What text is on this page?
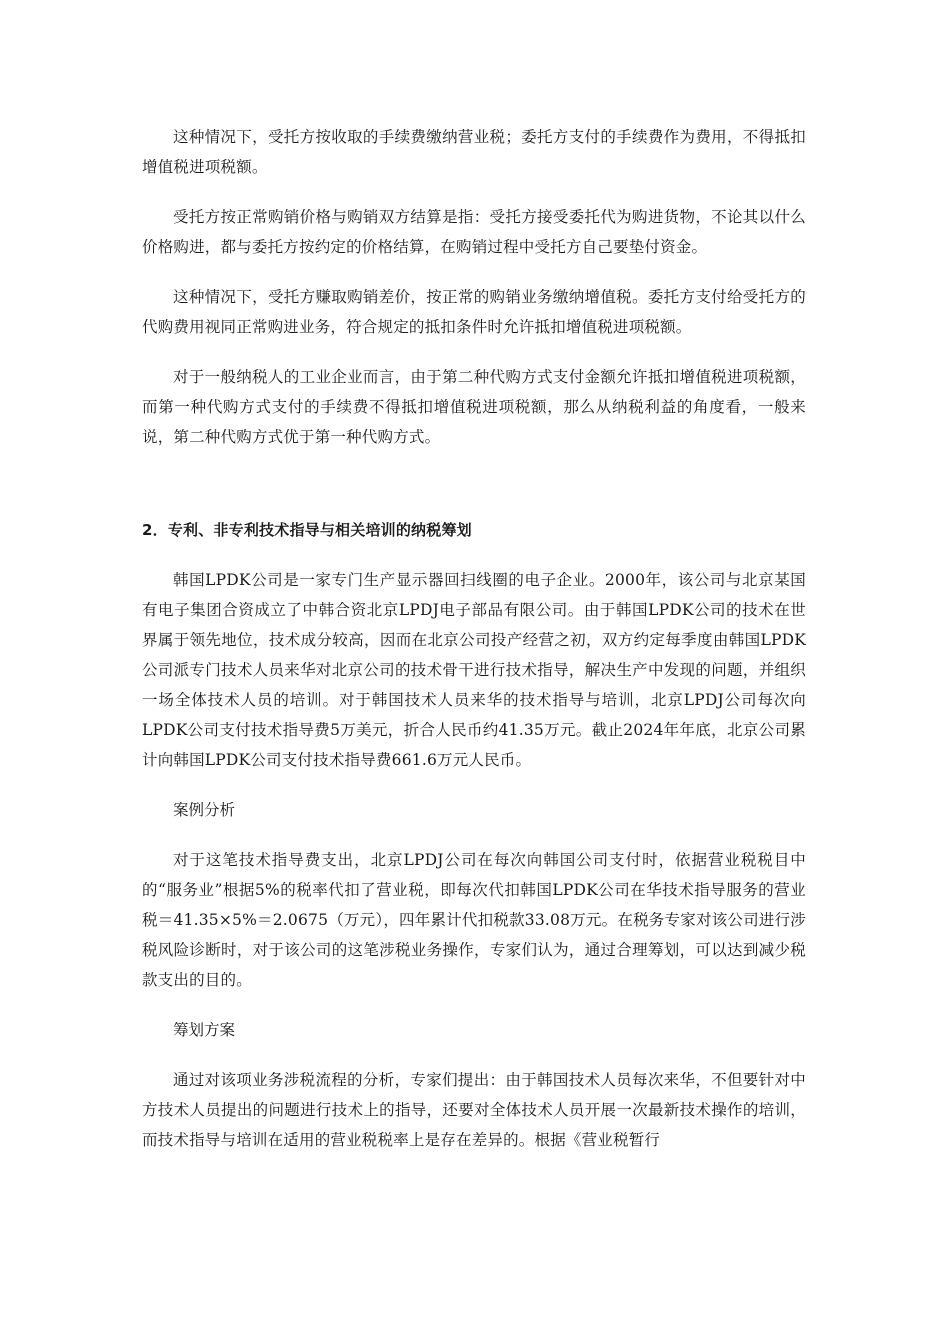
这种情况下，受托方按收取的手续费缴纳营业税；委托方支付的手续费作为费用，不得抵扣增值税进项税额。

受托方按正常购销价格与购销双方结算是指：受托方接受委托代为购进货物，不论其以什么价格购进，都与委托方按约定的价格结算，在购销过程中受托方自己要垫付资金。

这种情况下，受托方赚取购销差价，按正常的购销业务缴纳增值税。委托方支付给受托方的代购费用视同正常购进业务，符合规定的抵扣条件时允许抵扣增值税进项税额。

对于一般纳税人的工业企业而言，由于第二种代购方式支付金额允许抵扣增值税进项税额，而第一种代购方式支付的手续费不得抵扣增值税进项税额，那么从纳税利益的角度看，一般来说，第二种代购方式优于第一种代购方式。

2．专利、非专利技术指导与相关培训的纳税筹划

韩国LPDK公司是一家专门生产显示器回扫线圈的电子企业。2000年，该公司与北京某国有电子集团合资成立了中韩合资北京LPDJ电子部品有限公司。由于韩国LPDK公司的技术在世界属于领先地位，技术成分较高，因而在北京公司投产经营之初，双方约定每季度由韩国LPDK公司派专门技术人员来华对北京公司的技术骨干进行技术指导，解决生产中发现的问题，并组织一场全体技术人员的培训。对于韩国技术人员来华的技术指导与培训，北京LPDJ公司每次向LPDK公司支付技术指导费5万美元，折合人民币约41.35万元。截止2024年年底，北京公司累计向韩国LPDK公司支付技术指导费661.6万元人民币。

案例分析

对于这笔技术指导费支出，北京LPDJ公司在每次向韩国公司支付时，依据营业税税目中的“服务业”根据5%的税率代扣了营业税，即每次代扣韩国LPDK公司在华技术指导服务的营业税＝41.35×5%＝2.0675（万元），四年累计代扣税款33.08万元。在税务专家对该公司进行涉税风险诊断时，对于该公司的这笔涉税业务操作，专家们认为，通过合理筹划，可以达到减少税款支出的目的。

筹划方案

通过对该项业务涉税流程的分析，专家们提出：由于韩国技术人员每次来华，不但要针对中方技术人员提出的问题进行技术上的指导，还要对全体技术人员开展一次最新技术操作的培训，而技术指导与培训在适用的营业税税率上是存在差异的。根据《营业税暂行
